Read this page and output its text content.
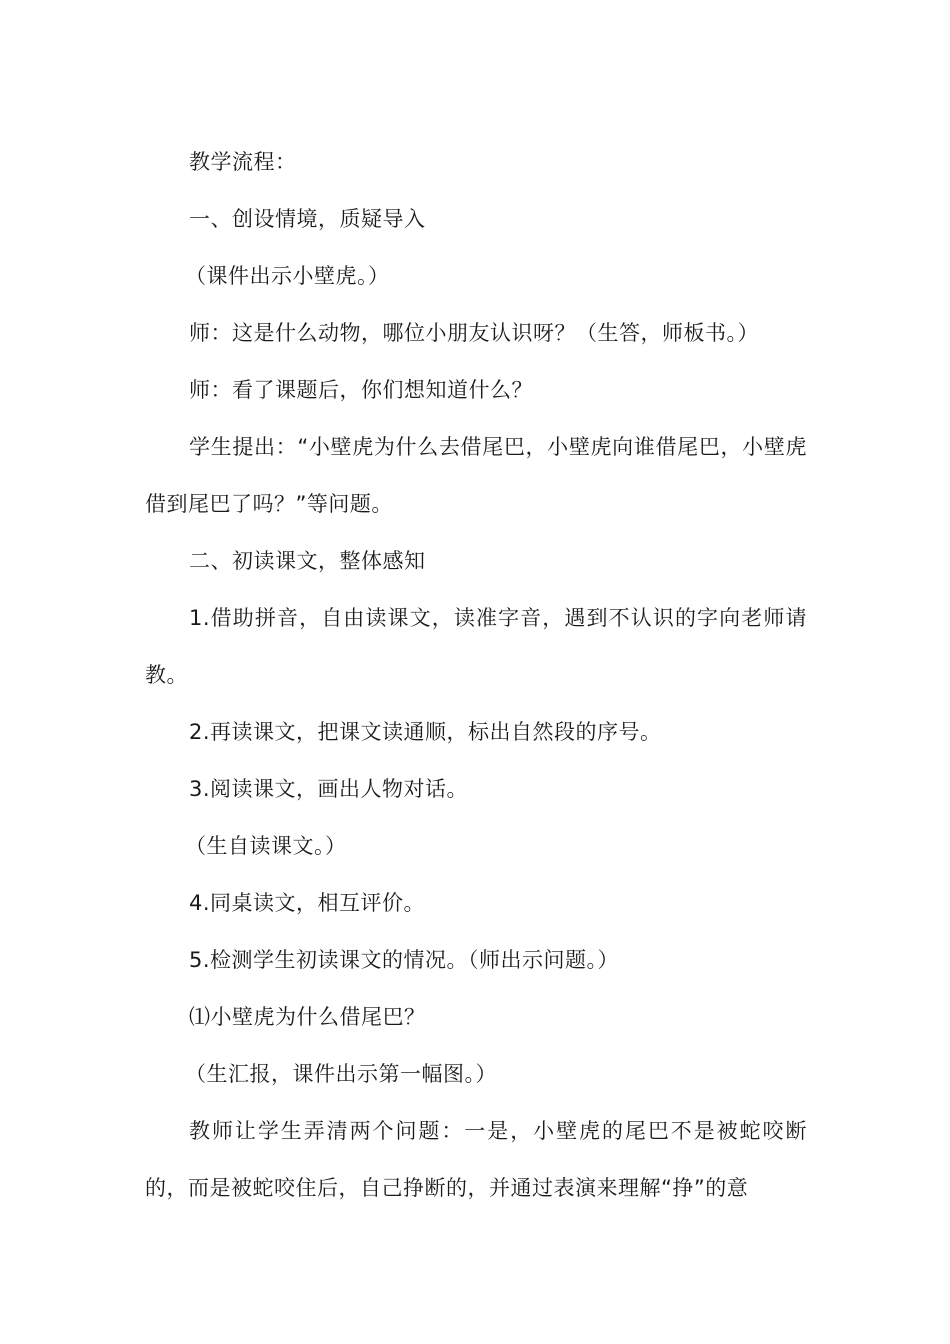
教学流程：

一、创设情境，质疑导入

（课件出示小壁虎。）

师：这是什么动物，哪位小朋友认识呀？（生答，师板书。）

师：看了课题后，你们想知道什么？

学生提出：“小壁虎为什么去借尾巴，小壁虎向谁借尾巴，小壁虎借到尾巴了吗？”等问题。

二、初读课文，整体感知

1.借助拼音，自由读课文，读准字音，遇到不认识的字向老师请教。

2.再读课文，把课文读通顺，标出自然段的序号。

3.阅读课文，画出人物对话。

（生自读课文。）

4.同桌读文，相互评价。

5.检测学生初读课文的情况。（师出示问题。）

⑴小壁虎为什么借尾巴？

（生汇报，课件出示第一幅图。）

教师让学生弄清两个问题：一是，小壁虎的尾巴不是被蛇咬断的，而是被蛇咬住后，自己挣断的，并通过表演来理解“挣”的意
